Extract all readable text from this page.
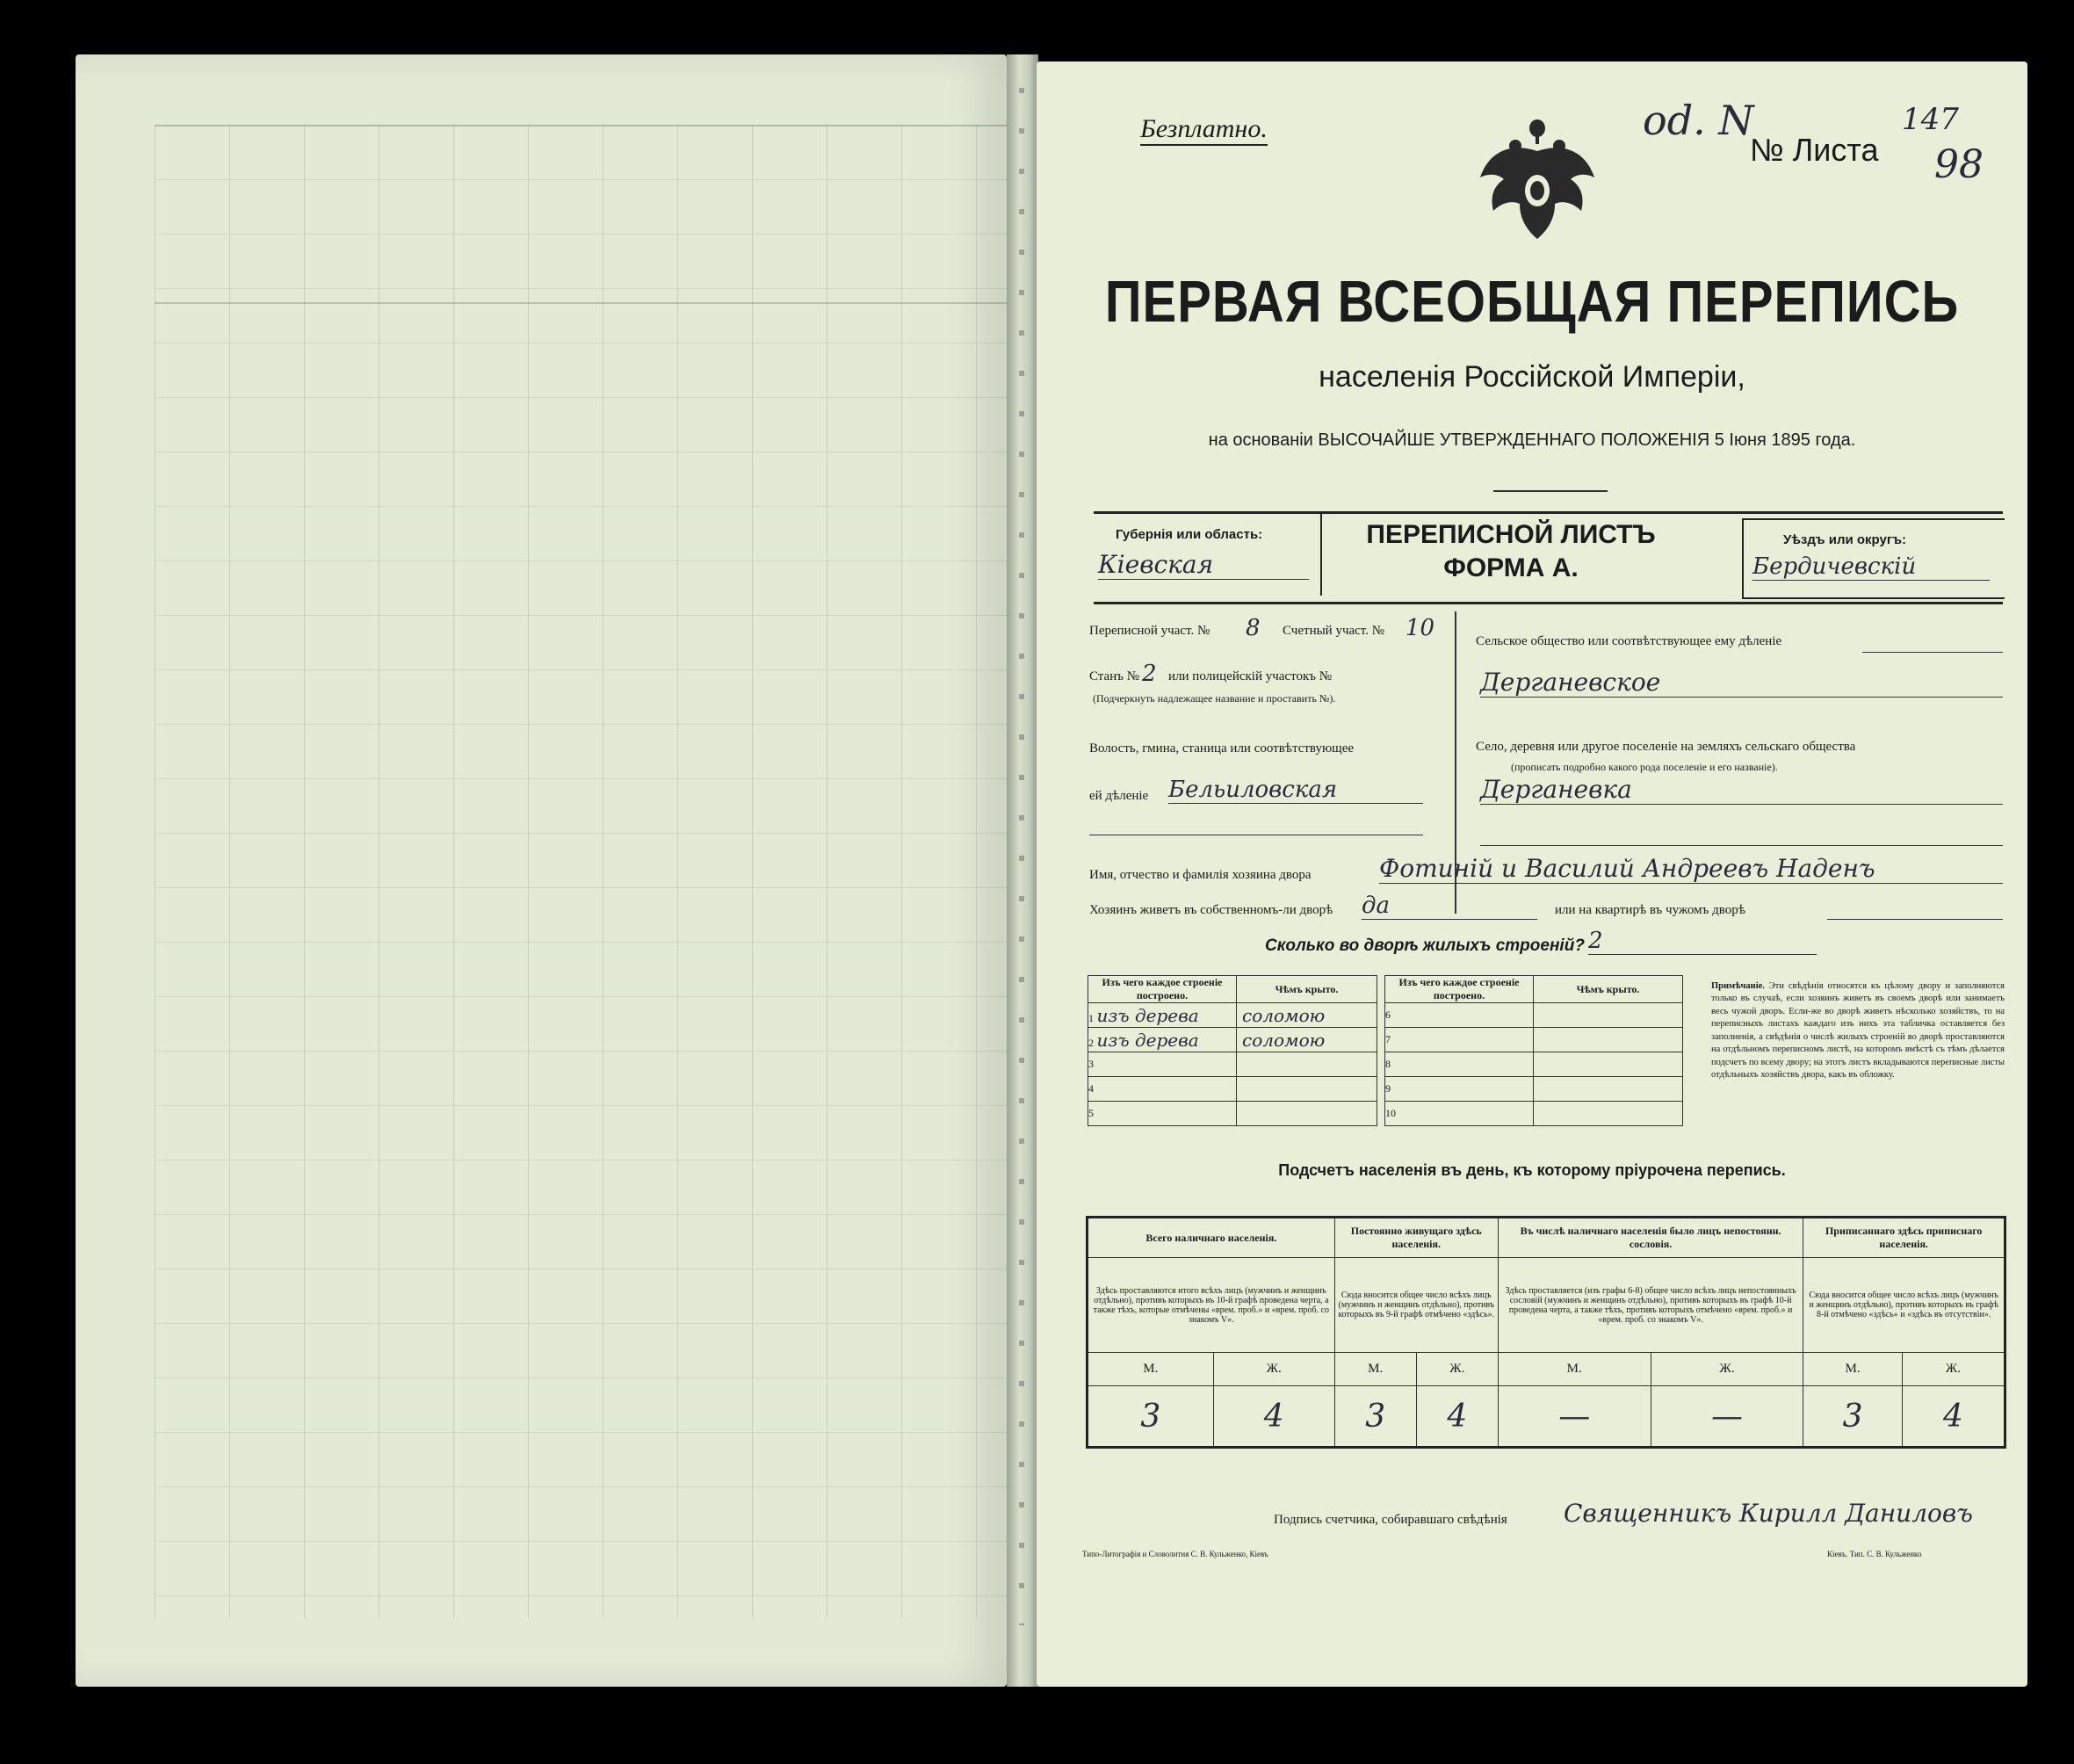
Безплатно.	od. N
№ Листа
147
98
ПЕРВАЯ ВСЕОБЩАЯ ПЕРЕПИСЬ
населенія Россійской Имперіи,
на основаніи ВЫСОЧАЙШЕ УТВЕРЖДЕННАГО ПОЛОЖЕНІЯ 5 Іюня 1895 года.
Губернія или область:
Кіевская
ПЕРЕПИСНОЙ ЛИСТЪ
ФОРМА А.
Уѣздъ или округъ:
Бердичевскій
Переписной участ. № 8 Счетный участ. № 10
Станъ № 2 или полицейскій участокъ №
(Подчеркнуть надлежащее название и проставить №).
Волость, гмина, станица или соотвѣтствующее
ей дѣленіе Бельиловская
Сельское общество или соотвѣтствующее ему дѣленіе
Дерганевское
Село, деревня или другое поселеніе на земляхъ сельскаго общества
(прописать подробно какого рода поселеніе и его названіе).
Дерганевка
Имя, отчество и фамилія хозяина двора	Фотиній и Василий Андреевъ Наденъ
Хозяинъ живетъ въ собственномъ-ли дворѣ да	или на квартирѣ въ чужомъ дворѣ
Сколько во дворѣ жилыхъ строеній? 2
Изъ чего каждое строеніе построено.	Чѣмъ крыто.
1 изъ дерева	соломою
2 изъ дерева	соломою
3	
4	
5	
Изъ чего каждое строеніе построено.	Чѣмъ крыто.
6	
7	
8	
9	
10	
Примѣчаніе. Эти свѣдѣнія относятся къ цѣлому двору и заполняются только въ случаѣ, если хозяинъ живетъ въ своемъ дворѣ или занимаетъ весь чужой дворъ. Если-же во дворѣ живетъ нѣсколько хозяйствъ, то на переписныхъ листахъ каждаго изъ нихъ эта табличка оставляется без заполненія, а свѣдѣнія о числѣ жилыхъ строеній во дворѣ проставляются на отдѣльномъ переписномъ листѣ, на которомъ вмѣстѣ съ тѣмъ дѣлается подсчетъ по всему двору; на этотъ листъ вкладываются переписные листы отдѣльныхъ хозяйствъ двора, какъ въ обложку.
Подсчетъ населенія въ день, къ которому пріурочена перепись.
Всего наличнаго населенія.		Постоянно живущаго здѣсь населенія.		Въ числѣ наличнаго населенія было лицъ непостоянн. сословія.		Приписаннаго здѣсь приписнаго населенія.	
Здѣсь проставляются итого всѣхъ лицъ (мужчинъ и женщинъ отдѣльно), противъ которыхъ въ 10-й графѣ проведена черта, а также тѣхъ, которые отмѣчены «врем. проб.» и «врем. проб. со знакомъ V».		Сюда вносится общее число всѣхъ лицъ (мужчинъ и женщинъ отдѣльно), противъ которыхъ въ 9-й графѣ отмѣчено «здѣсь».		Здѣсь проставляется (изъ графы 6-8) общее число всѣхъ лицъ непостоянныхъ сословій (мужчинъ и женщинъ отдѣльно), противъ которыхъ въ графѣ 10-й проведена черта, а также тѣхъ, противъ которыхъ отмѣчено «врем. проб.» и «врем. проб. со знакомъ V».		Сюда вносится общее число всѣхъ лицъ (мужчинъ и женщинъ отдѣльно), противъ которыхъ въ графѣ 8-й отмѣчено «здѣсь» и «здѣсь въ отсутствіи».	
М.	Ж.	М.	Ж.	М.	Ж.	М.	Ж.
3	4	3	4	—	—	3	4
Подпись счетчика, собиравшаго свѣдѣнія Священникъ Кирилл Даниловъ
Типо-Литографія и Словолитня С. В. Кульженко, Кіевъ	Кіевъ. Тип. С. В. Кульженко
